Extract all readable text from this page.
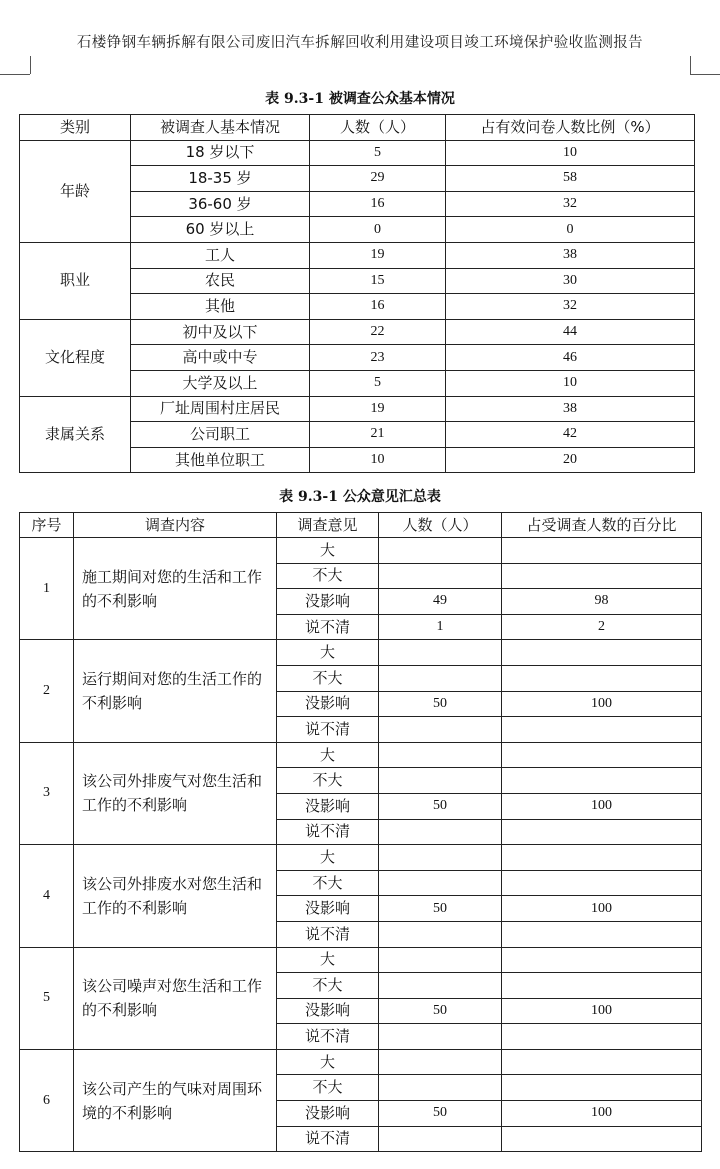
石楼铮钢车辆拆解有限公司废旧汽车拆解回收利用建设项目竣工环境保护验收监测报告
表 9.3-1 被调查公众基本情况
类别	被调查人基本情况	人数（人）	占有效问卷人数比例（%）
年龄	18 岁以下	5	10
	18-35 岁	29	58
	36-60 岁	16	32
	60 岁以上	0	0
职业	工人	19	38
	农民	15	30
	其他	16	32
文化程度	初中及以下	22	44
	高中或中专	23	46
	大学及以上	5	10
隶属关系	厂址周围村庄居民	19	38
	公司职工	21	42
	其他单位职工	10	20
表 9.3-1 公众意见汇总表
序号	调查内容	调查意见	人数（人）	占受调查人数的百分比
1	施工期间对您的生活和工作的不利影响	大		
		不大		
		没影响	49	98
		说不清	1	2
2	运行期间对您的生活工作的不利影响	大		
		不大		
		没影响	50	100
		说不清		
3	该公司外排废气对您生活和工作的不利影响	大		
		不大		
		没影响	50	100
		说不清		
4	该公司外排废水对您生活和工作的不利影响	大		
		不大		
		没影响	50	100
		说不清		
5	该公司噪声对您生活和工作的不利影响	大		
		不大		
		没影响	50	100
		说不清		
6	该公司产生的气味对周围环境的不利影响	大		
		不大		
		没影响	50	100
		说不清		
